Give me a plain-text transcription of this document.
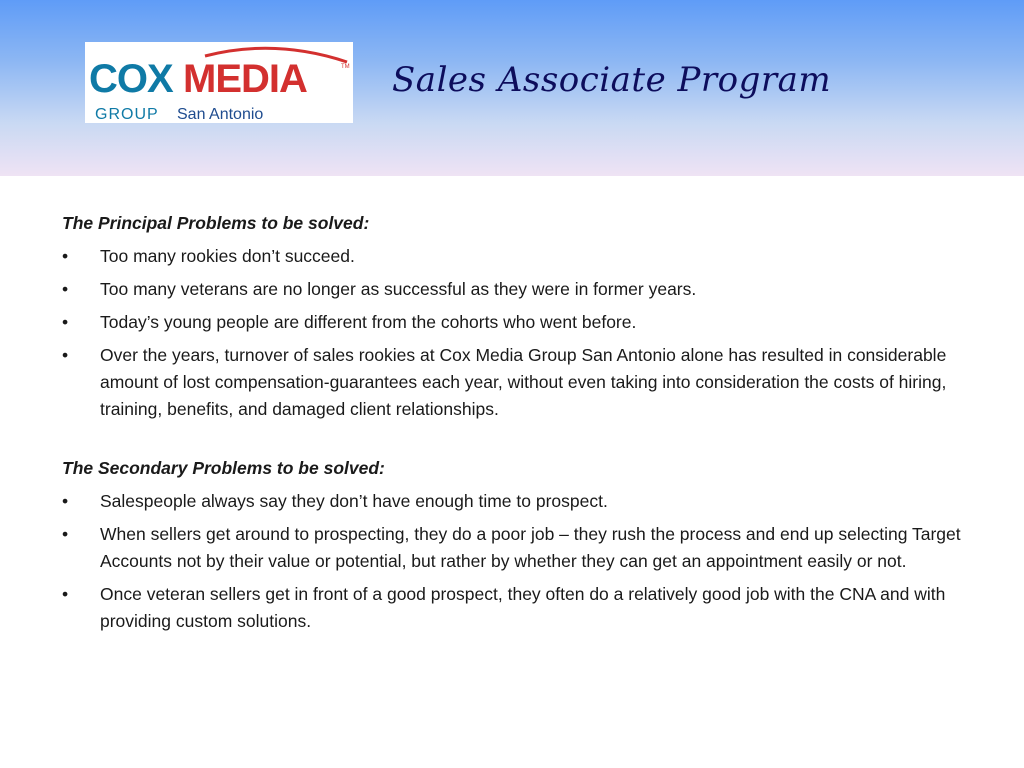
COX MEDIA	TM
GROUP San Antonio
Sales Associate Program

The Principal Problems to be solved:

• Too many rookies don’t succeed.
• Too many veterans are no longer as successful as they were in former years.
• Today’s young people are different from the cohorts who went before.
• Over the years, turnover of sales rookies at Cox Media Group San Antonio alone has resulted in considerable amount of lost compensation-guarantees each year, without even taking into consideration the costs of hiring, training, benefits, and damaged client relationships.

The Secondary Problems to be solved:

• Salespeople always say they don’t have enough time to prospect.
• When sellers get around to prospecting, they do a poor job – they rush the process and end up selecting Target Accounts not by their value or potential, but rather by whether they can get an appointment easily or not.
• Once veteran sellers get in front of a good prospect, they often do a relatively good job with the CNA and with providing custom solutions.
